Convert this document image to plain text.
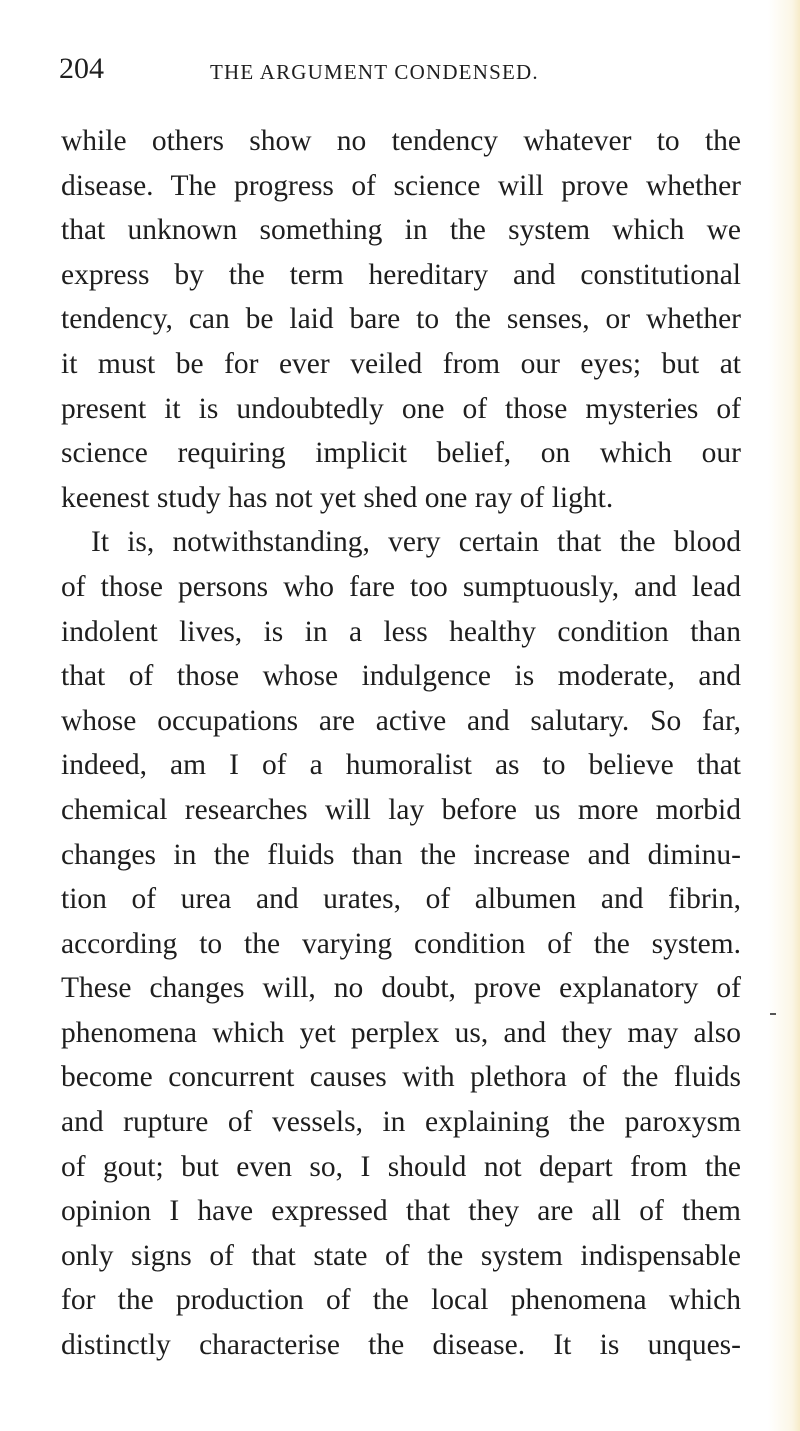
204	THE ARGUMENT CONDENSED.
while others show no tendency whatever to the
disease. The progress of science will prove whether
that unknown something in the system which we
express by the term hereditary and constitutional
tendency, can be laid bare to the senses, or whether
it must be for ever veiled from our eyes; but at
present it is undoubtedly one of those mysteries of
science requiring implicit belief, on which our
keenest study has not yet shed one ray of light.
It is, notwithstanding, very certain that the blood
of those persons who fare too sumptuously, and lead
indolent lives, is in a less healthy condition than
that of those whose indulgence is moderate, and
whose occupations are active and salutary. So far,
indeed, am I of a humoralist as to believe that
chemical researches will lay before us more morbid
changes in the fluids than the increase and diminu-
tion of urea and urates, of albumen and fibrin,
according to the varying condition of the system.
These changes will, no doubt, prove explanatory of
phenomena which yet perplex us, and they may also
become concurrent causes with plethora of the fluids
and rupture of vessels, in explaining the paroxysm
of gout; but even so, I should not depart from the
opinion I have expressed that they are all of them
only signs of that state of the system indispensable
for the production of the local phenomena which
distinctly characterise the disease. It is unques-
